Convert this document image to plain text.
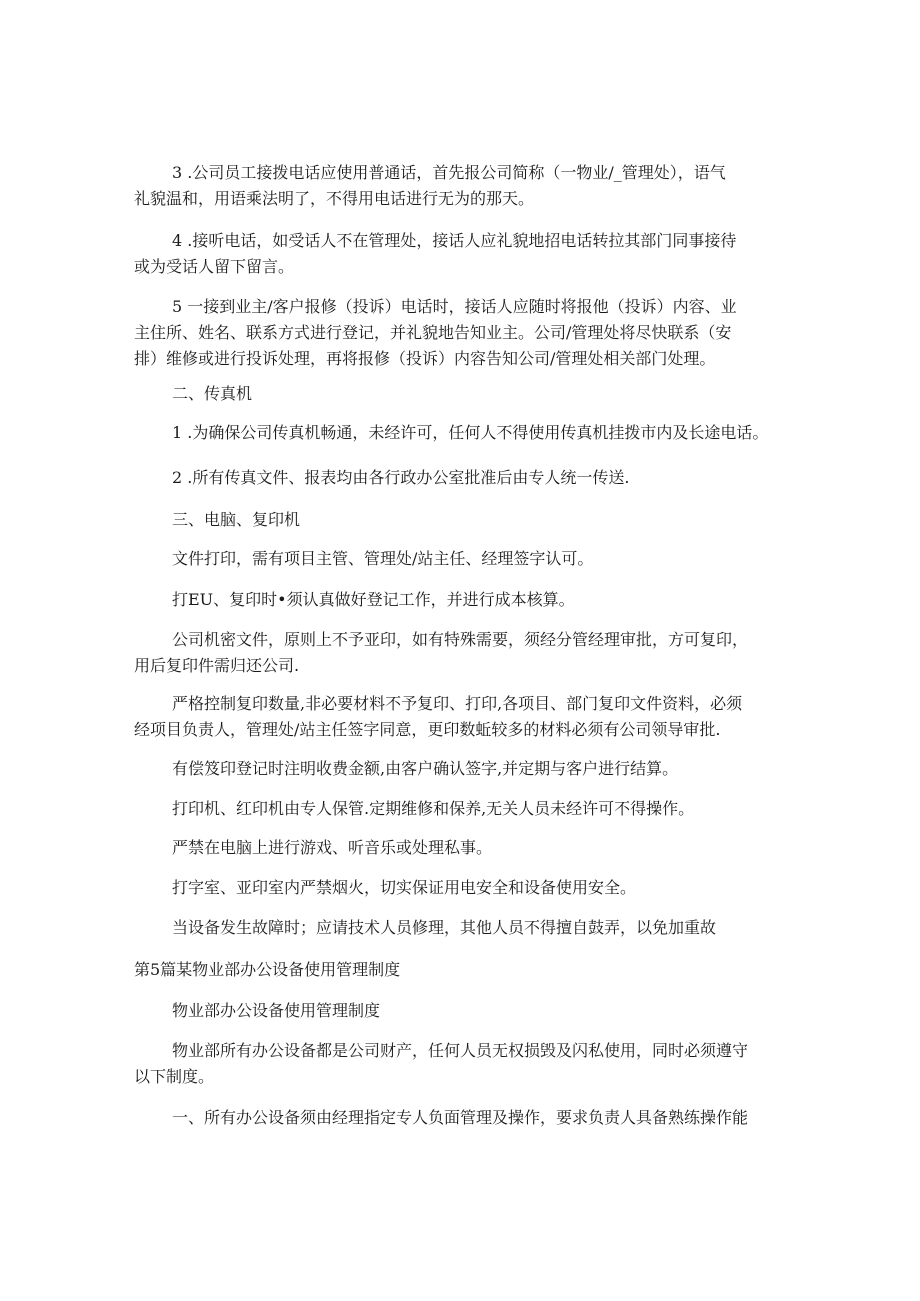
3 .公司员工接拨电话应使用普通话，首先报公司简称（一物业/_管理处），语气
礼貌温和，用语乘法明了，不得用电话进行无为的那天。
4 .接听电话，如受话人不在管理处，接话人应礼貌地招电话转拉其部门同事接待
或为受话人留下留言。
5 一接到业主/客户报修（投诉）电话时，接话人应随时将报他（投诉）内容、业
主住所、姓名、联系方式进行登记，并礼貌地告知业主。公司/管理处将尽快联系（安
排）维修或进行投诉处理，再将报修（投诉）内容告知公司/管理处相关部门处理。
二、传真机
1 .为确保公司传真机畅通，未经许可，任何人不得使用传真机挂拨市内及长途电话。
2 .所有传真文件、报表均由各行政办公室批准后由专人统一传送.
三、电脑、复印机
文件打印，需有项目主管、管理处/站主任、经理签字认可。
打EU、复印时•须认真做好登记工作，并进行成本核算。
公司机密文件，原则上不予亚印，如有特殊需要，须经分管经理审批，方可复印，
用后复印件需归还公司.
严格控制复印数量,非必要材料不予复印、打印,各项目、部门复印文件资料，必须
经项目负责人，管理处/站主任签字同意，更印数蚯较多的材料必须有公司领导审批.
有偿笈印登记时注明收费金额,由客户确认签字,并定期与客户进行结算。
打印机、红印机由专人保管.定期维修和保养,无关人员未经许可不得操作。
严禁在电脑上进行游戏、听音乐或处理私事。
打字室、亚印室内严禁烟火，切实保证用电安全和设备使用安全。
当设备发生故障时；应请技术人员修理，其他人员不得擅自鼓弄，以免加重故
第5篇某物业部办公设备使用管理制度
物业部办公设备使用管理制度
物业部所有办公设备都是公司财产，任何人员无权损毁及闪私使用，同时必须遵守
以下制度。
一、所有办公设备须由经理指定专人负面管理及操作，要求负责人具备熟练操作能
